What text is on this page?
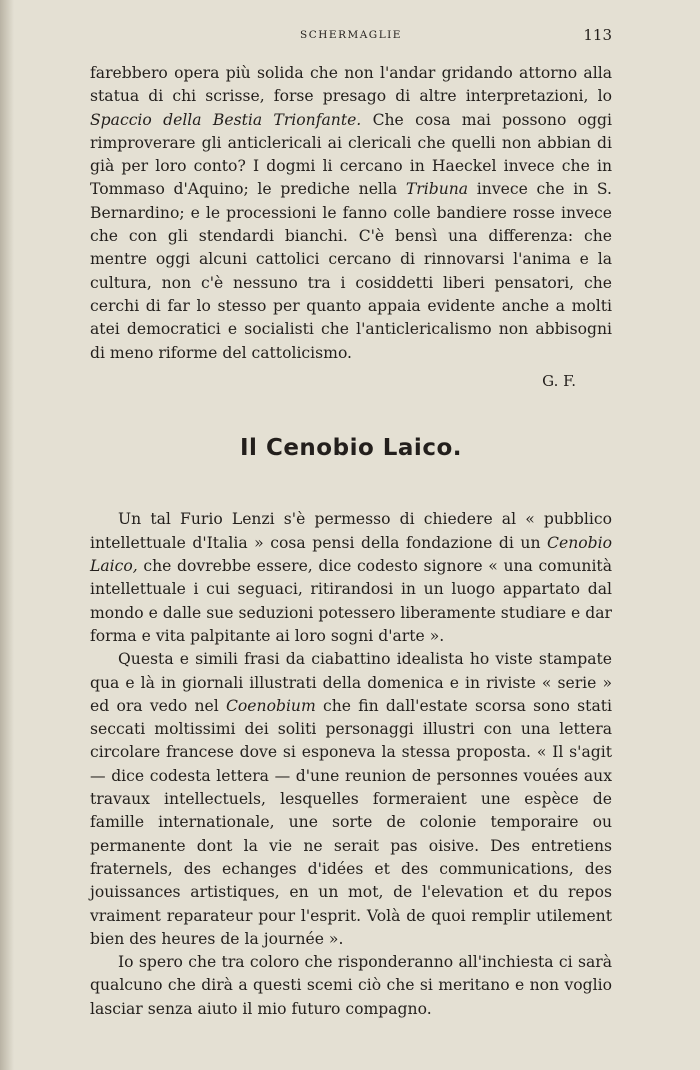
SCHERMAGLIE	113

farebbero opera più solida che non l'andar gridando attorno alla statua di chi scrisse, forse presago di altre interpretazioni, lo Spaccio della Bestia Trionfante. Che cosa mai possono oggi rimproverare gli anticlericali ai clericali che quelli non abbian di già per loro conto? I dogmi li cercano in Haeckel invece che in Tommaso d'Aquino; le prediche nella Tribuna invece che in S. Bernardino; e le processioni le fanno colle bandiere rosse invece che con gli stendardi bianchi. C'è bensì una differenza: che mentre oggi alcuni cattolici cercano di rinnovarsi l'anima e la cultura, non c'è nessuno tra i cosiddetti liberi pensatori, che cerchi di far lo stesso per quanto appaia evidente anche a molti atei democratici e socialisti che l'anticlericalismo non abbisogni di meno riforme del cattolicismo.

G. F.
Il Cenobio Laico.

Un tal Furio Lenzi s'è permesso di chiedere al « pubblico intellettuale d'Italia » cosa pensi della fondazione di un Cenobio Laico, che dovrebbe essere, dice codesto signore « una comunità intellettuale i cui seguaci, ritirandosi in un luogo appartato dal mondo e dalle sue seduzioni potessero liberamente studiare e dar forma e vita palpitante ai loro sogni d'arte ».

Questa e simili frasi da ciabattino idealista ho viste stampate qua e là in giornali illustrati della domenica e in riviste « serie » ed ora vedo nel Coenobium che fin dall'estate scorsa sono stati seccati moltissimi dei soliti personaggi illustri con una lettera circolare francese dove si esponeva la stessa proposta. « Il s'agit — dice codesta lettera — d'une reunion de personnes vouées aux travaux intellectuels, lesquelles formeraient une espèce de famille internationale, une sorte de colonie temporaire ou permanente dont la vie ne serait pas oisive. Des entretiens fraternels, des echanges d'idées et des communications, des jouissances artistiques, en un mot, de l'elevation et du repos vraiment reparateur pour l'esprit. Volà de quoi remplir utilement bien des heures de la journée ».

Io spero che tra coloro che risponderanno all'inchiesta ci sarà qualcuno che dirà a questi scemi ciò che si meritano e non voglio lasciar senza aiuto il mio futuro compagno.
